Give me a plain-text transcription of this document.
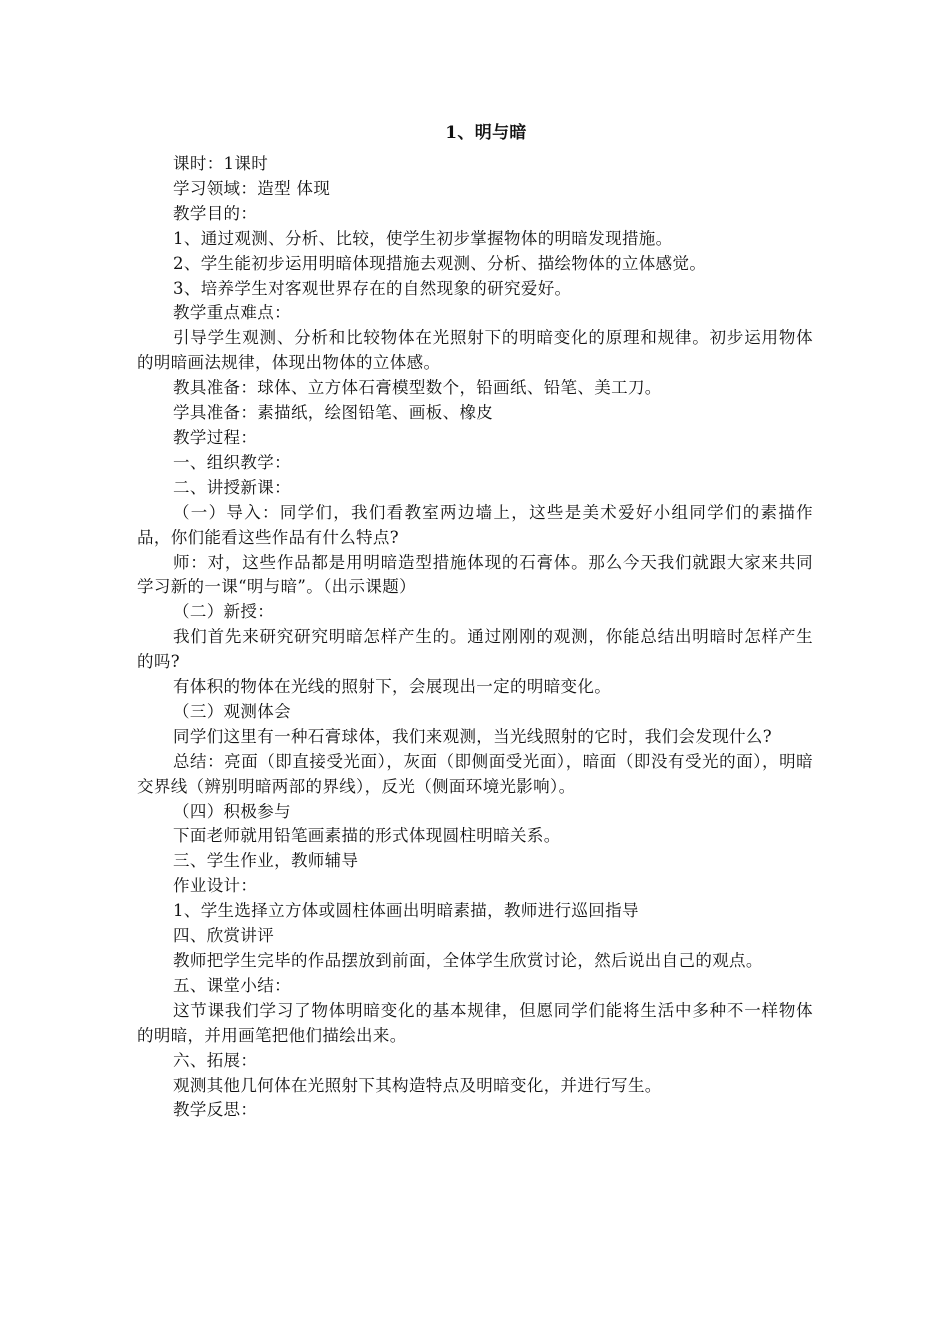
1、明与暗

课时：1课时

学习领域：造型 体现

教学目的：

1、通过观测、分析、比较，使学生初步掌握物体的明暗发现措施。

2、学生能初步运用明暗体现措施去观测、分析、描绘物体的立体感觉。

3、培养学生对客观世界存在的自然现象的研究爱好。

教学重点难点：

引导学生观测、分析和比较物体在光照射下的明暗变化的原理和规律。初步运用物体的明暗画法规律，体现出物体的立体感。

教具准备：球体、立方体石膏模型数个，铅画纸、铅笔、美工刀。

学具准备：素描纸，绘图铅笔、画板、橡皮

教学过程：

一、组织教学：

二、讲授新课：

（一）导入：同学们，我们看教室两边墙上，这些是美术爱好小组同学们的素描作品，你们能看这些作品有什么特点?

师：对，这些作品都是用明暗造型措施体现的石膏体。那么今天我们就跟大家来共同学习新的一课“明与暗”。（出示课题）

（二）新授：

我们首先来研究研究明暗怎样产生的。通过刚刚的观测，你能总结出明暗时怎样产生的吗?

有体积的物体在光线的照射下，会展现出一定的明暗变化。

（三）观测体会

同学们这里有一种石膏球体，我们来观测，当光线照射的它时，我们会发现什么?

总结：亮面（即直接受光面），灰面（即侧面受光面），暗面（即没有受光的面），明暗交界线（辨别明暗两部的界线），反光（侧面环境光影响）。

（四）积极参与

下面老师就用铅笔画素描的形式体现圆柱明暗关系。

三、学生作业，教师辅导

作业设计：

1、学生选择立方体或圆柱体画出明暗素描，教师进行巡回指导

四、欣赏讲评

教师把学生完毕的作品摆放到前面，全体学生欣赏讨论，然后说出自己的观点。

五、课堂小结：

这节课我们学习了物体明暗变化的基本规律，但愿同学们能将生活中多种不一样物体的明暗，并用画笔把他们描绘出来。

六、拓展：

观测其他几何体在光照射下其构造特点及明暗变化，并进行写生。

教学反思：
